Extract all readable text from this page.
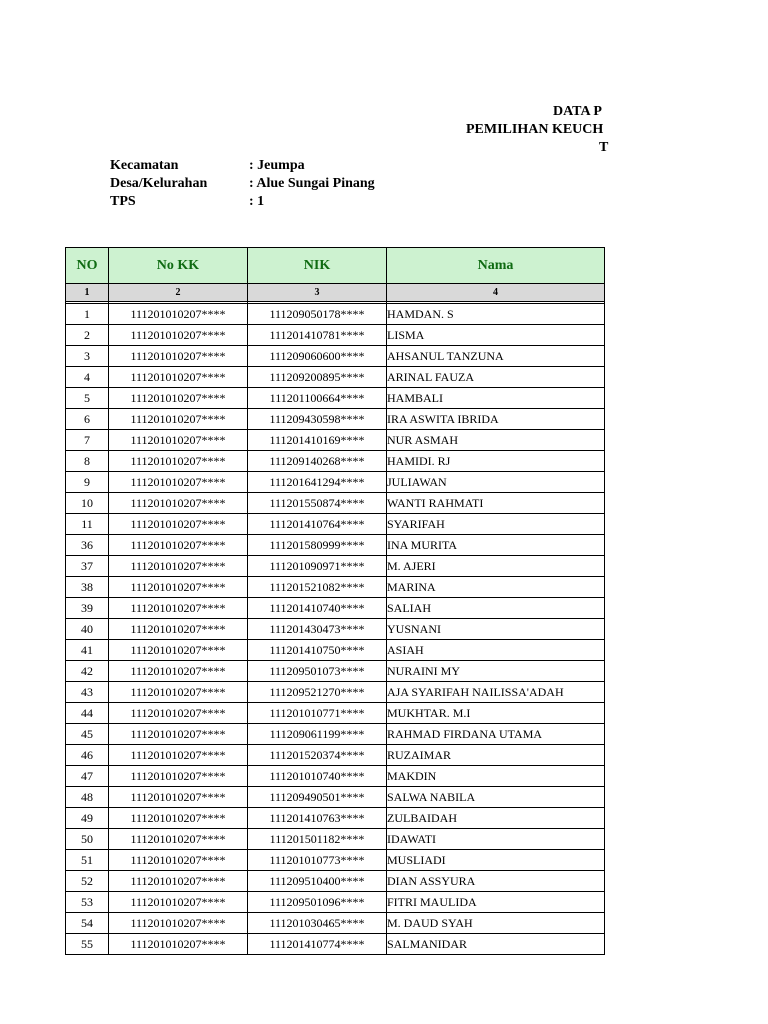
DATA P
PEMILIHAN KEUCH
T
Kecamatan	: Jeumpa
Desa/Kelurahan	: Alue Sungai Pinang
TPS	: 1
NO	No KK	NIK	Nama
1	2	3	4

1	111201010207****	111209050178****	HAMDAN. S
2	111201010207****	111201410781****	LISMA
3	111201010207****	111209060600****	AHSANUL TANZUNA
4	111201010207****	111209200895****	ARINAL FAUZA
5	111201010207****	111201100664****	HAMBALI
6	111201010207****	111209430598****	IRA ASWITA IBRIDA
7	111201010207****	111201410169****	NUR ASMAH
8	111201010207****	111209140268****	HAMIDI. RJ
9	111201010207****	111201641294****	JULIAWAN
10	111201010207****	111201550874****	WANTI RAHMATI
11	111201010207****	111201410764****	SYARIFAH
36	111201010207****	111201580999****	INA MURITA
37	111201010207****	111201090971****	M. AJERI
38	111201010207****	111201521082****	MARINA
39	111201010207****	111201410740****	SALIAH
40	111201010207****	111201430473****	YUSNANI
41	111201010207****	111201410750****	ASIAH
42	111201010207****	111209501073****	NURAINI MY
43	111201010207****	111209521270****	AJA SYARIFAH NAILISSA'ADAH
44	111201010207****	111201010771****	MUKHTAR. M.I
45	111201010207****	111209061199****	RAHMAD FIRDANA UTAMA
46	111201010207****	111201520374****	RUZAIMAR
47	111201010207****	111201010740****	MAKDIN
48	111201010207****	111209490501****	SALWA NABILA
49	111201010207****	111201410763****	ZULBAIDAH
50	111201010207****	111201501182****	IDAWATI
51	111201010207****	111201010773****	MUSLIADI
52	111201010207****	111209510400****	DIAN ASSYURA
53	111201010207****	111209501096****	FITRI MAULIDA
54	111201010207****	111201030465****	M. DAUD SYAH
55	111201010207****	111201410774****	SALMANIDAR
